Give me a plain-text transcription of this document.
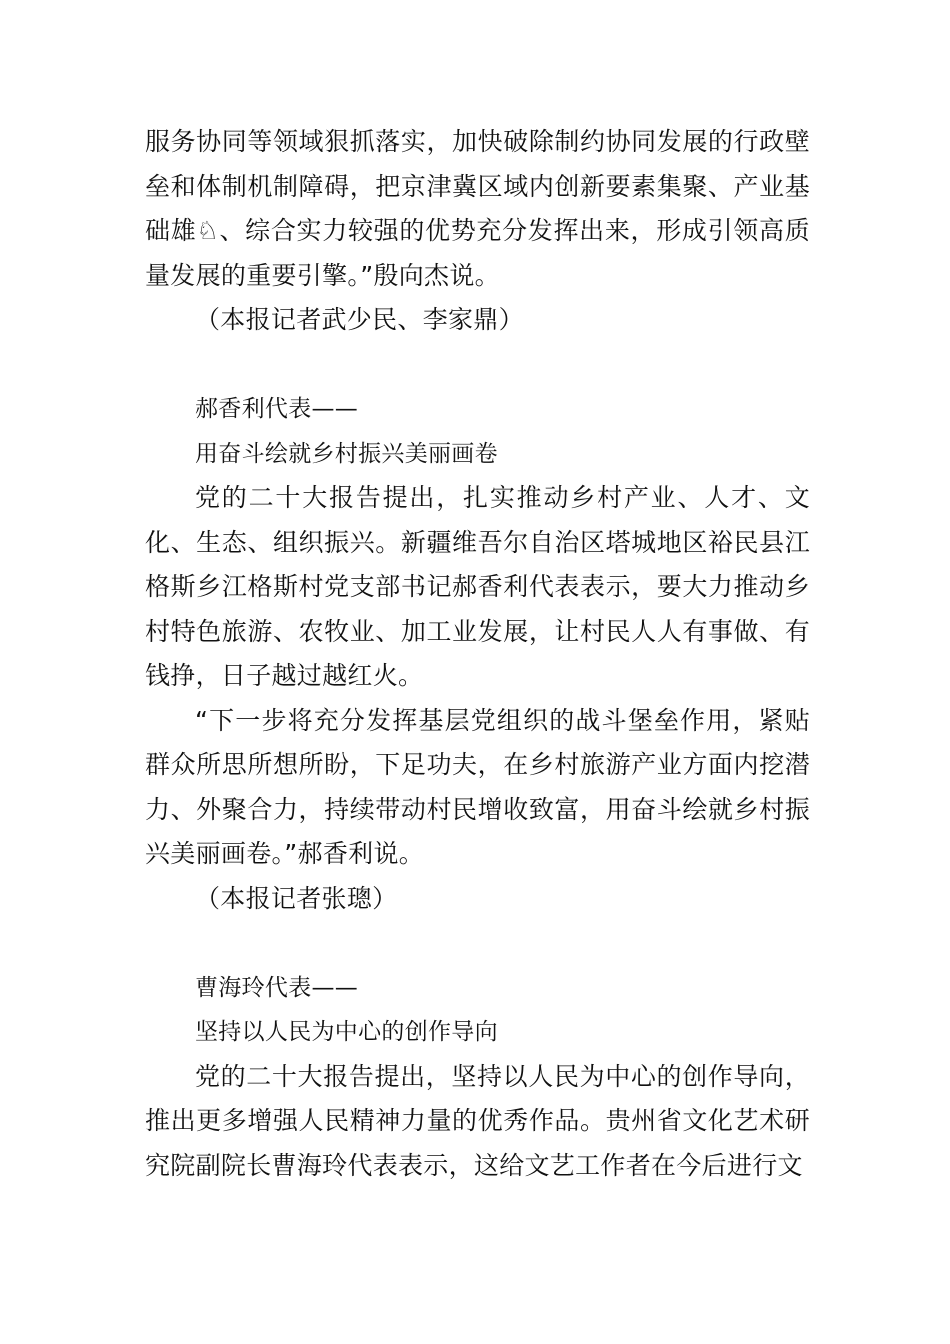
服务协同等领域狠抓落实，加快破除制约协同发展的行政壁垒和体制机制障碍，把京津冀区域内创新要素集聚、产业基础雄♘、综合实力较强的优势充分发挥出来，形成引领高质量发展的重要引擎。”殷向杰说。

（本报记者武少民、李家鼎）

郝香利代表——

用奋斗绘就乡村振兴美丽画卷

党的二十大报告提出，扎实推动乡村产业、人才、文化、生态、组织振兴。新疆维吾尔自治区塔城地区裕民县江格斯乡江格斯村党支部书记郝香利代表表示，要大力推动乡村特色旅游、农牧业、加工业发展，让村民人人有事做、有钱挣，日子越过越红火。

“下一步将充分发挥基层党组织的战斗堡垒作用，紧贴群众所思所想所盼，下足功夫，在乡村旅游产业方面内挖潜力、外聚合力，持续带动村民增收致富，用奋斗绘就乡村振兴美丽画卷。”郝香利说。

（本报记者张璁）

曹海玲代表——

坚持以人民为中心的创作导向

党的二十大报告提出，坚持以人民为中心的创作导向，推出更多增强人民精神力量的优秀作品。贵州省文化艺术研究院副院长曹海玲代表表示，这给文艺工作者在今后进行文
